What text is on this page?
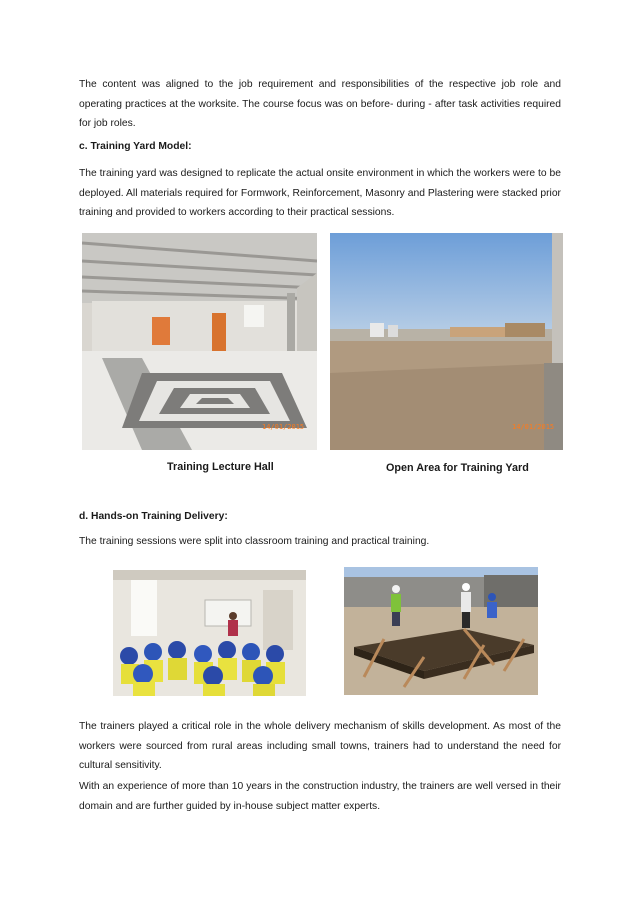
The content was aligned to the job requirement and responsibilities of the respective job role and operating practices at the worksite. The course focus was on before- during - after task activities required for job roles.

c. Training Yard Model:

The training yard was designed to replicate the actual onsite environment in which the workers were to be deployed. All materials required for Formwork, Reinforcement, Masonry and Plastering were stacked prior training and provided to workers according to their practical sessions.

14/01/2015	14/01/2015

Training Lecture Hall	Open Area for Training Yard

d. Hands-on Training Delivery:

The training sessions were split into classroom training and practical training.

The trainers played a critical role in the whole delivery mechanism of skills development. As most of the workers were sourced from rural areas including small towns, trainers had to understand the need for cultural sensitivity.

With an experience of more than 10 years in the construction industry, the trainers are well versed in their domain and are further guided by in-house subject matter experts.
